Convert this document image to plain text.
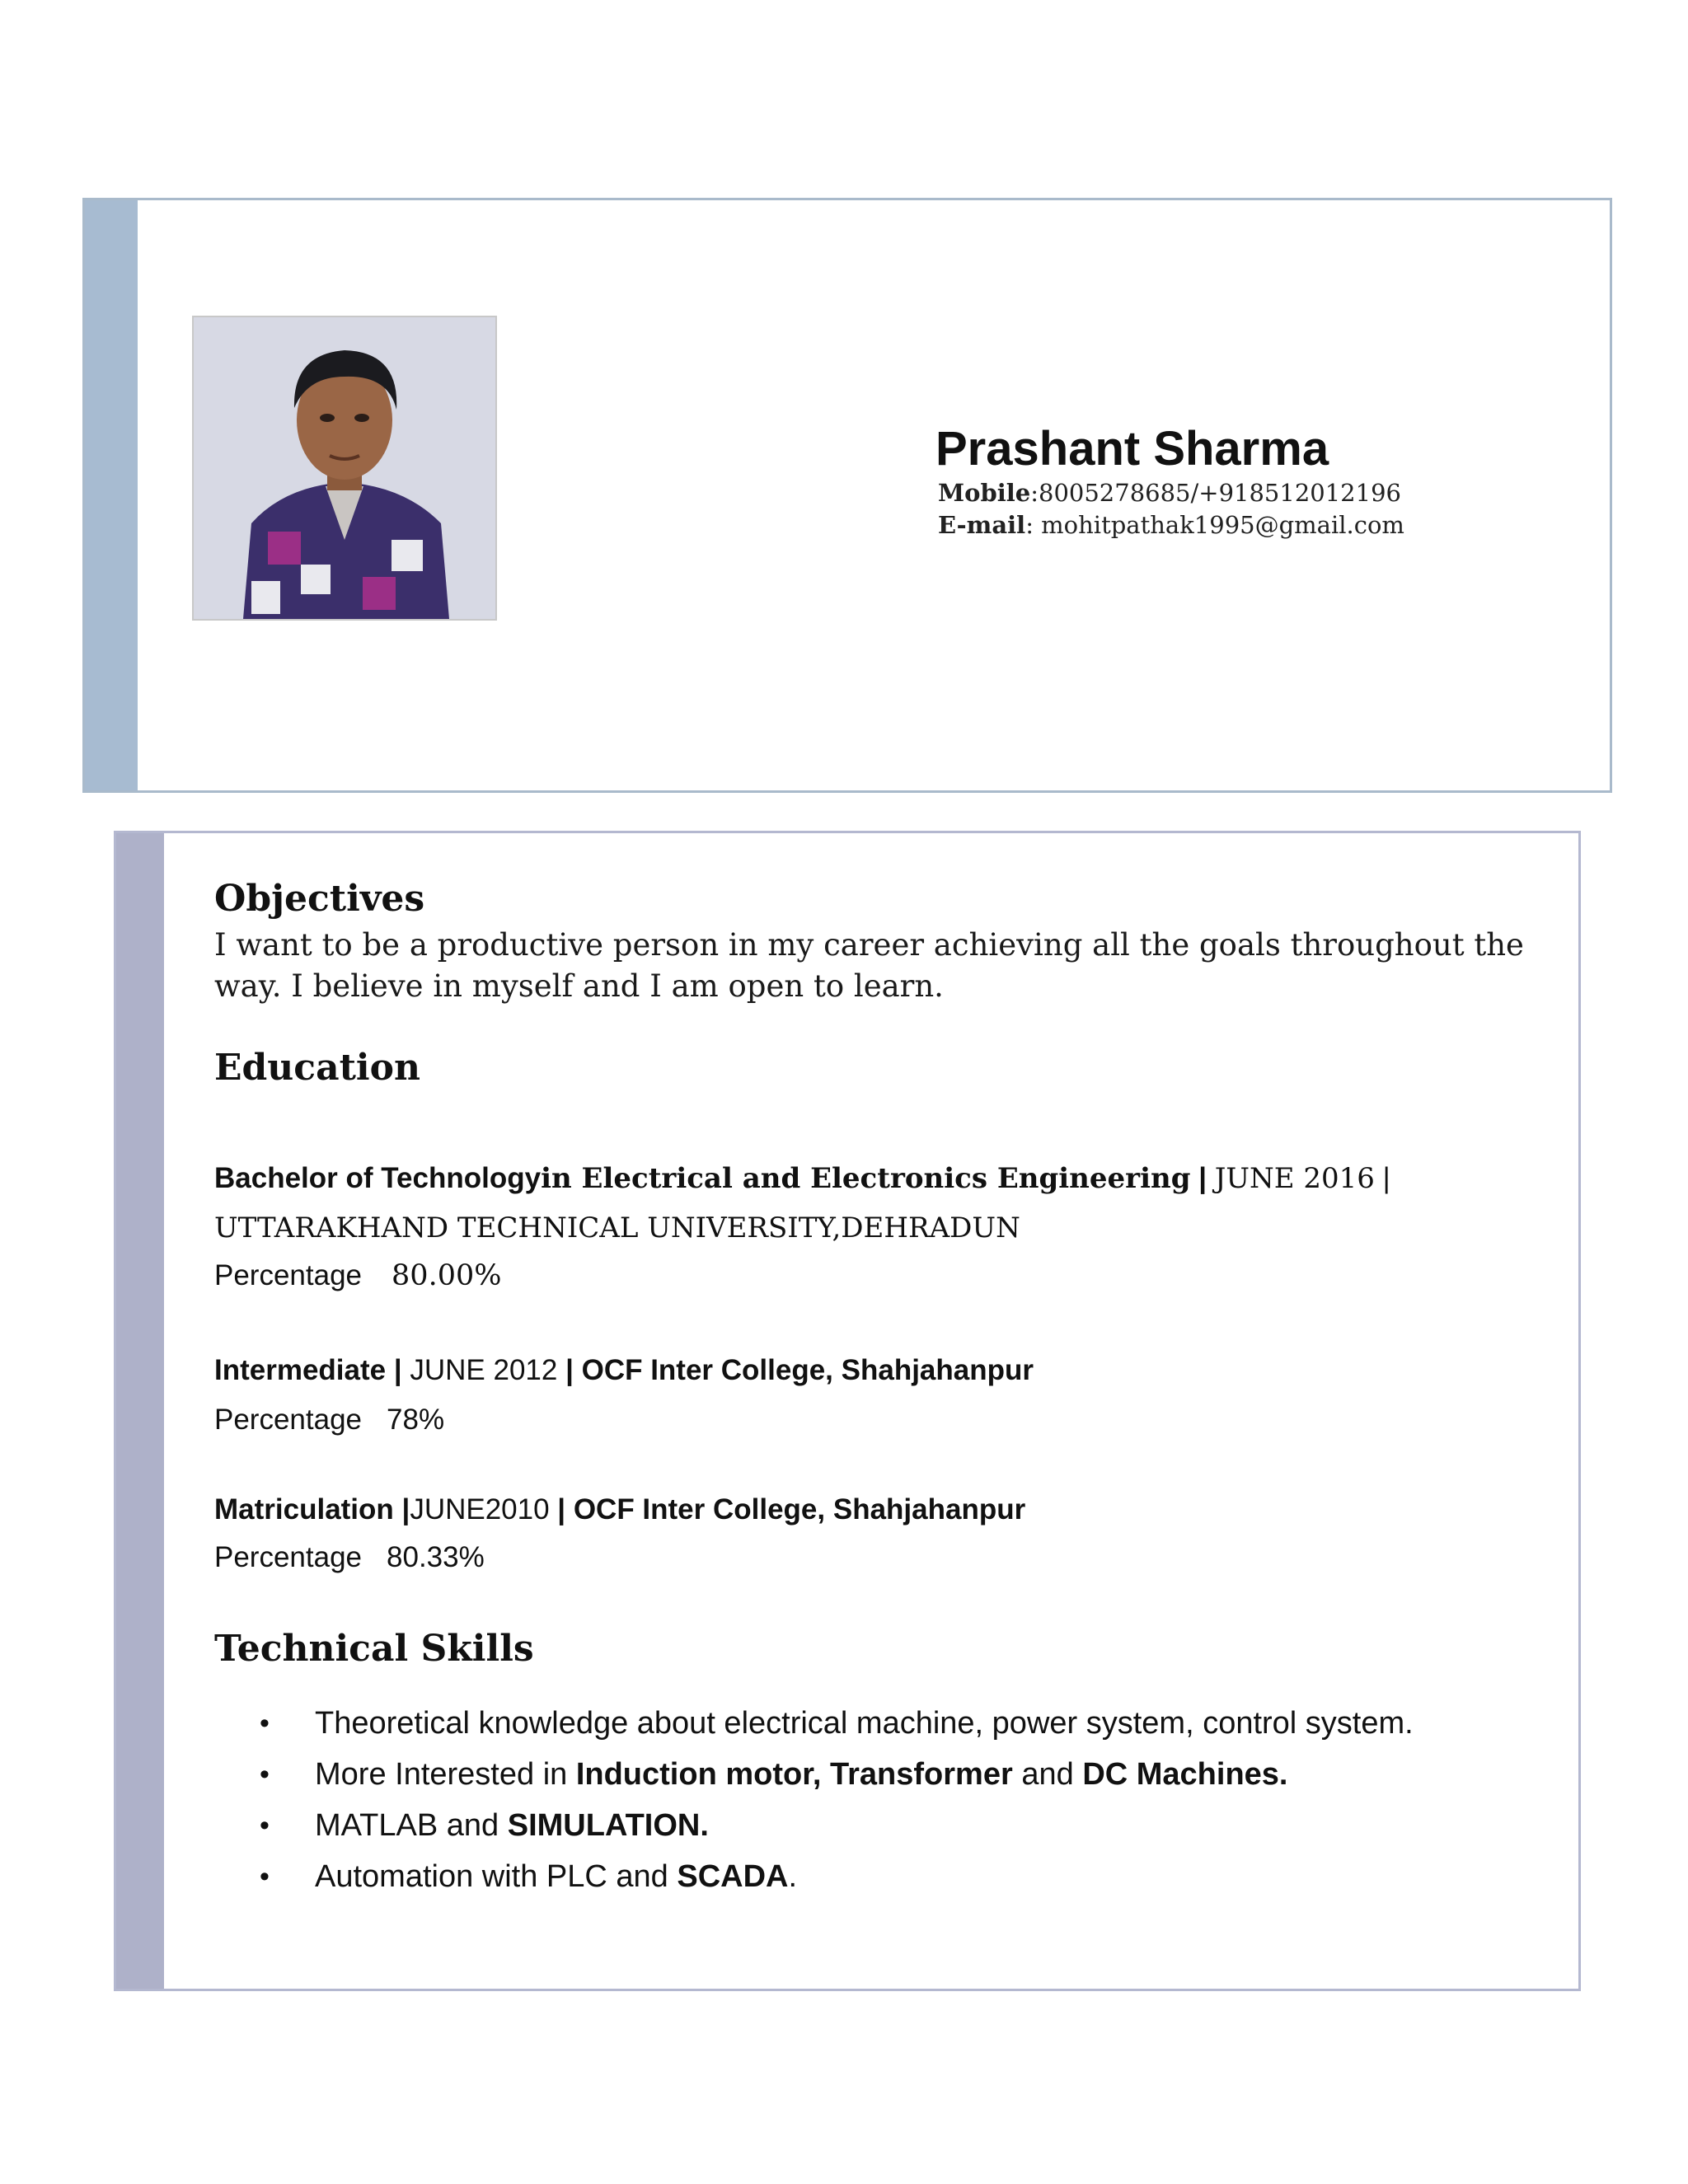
Prashant Sharma
Mobile:8005278685/+918512012196
E-mail: mohitpathak1995@gmail.com
Objectives
I want to be a productive person in my career achieving all the goals throughout the way. I believe in myself and I am open to learn.
Education
Bachelor of Technologyin Electrical and Electronics Engineering | JUNE 2016 |
UTTARAKHAND TECHNICAL UNIVERSITY,DEHRADUN
Percentage 80.00%
Intermediate | JUNE 2012 | OCF Inter College, Shahjahanpur
Percentage 78%
Matriculation |JUNE2010 | OCF Inter College, Shahjahanpur
Percentage 80.33%
Technical Skills
• Theoretical knowledge about electrical machine, power system, control system.
• More Interested in Induction motor, Transformer and DC Machines.
• MATLAB and SIMULATION.
• Automation with PLC and SCADA.
